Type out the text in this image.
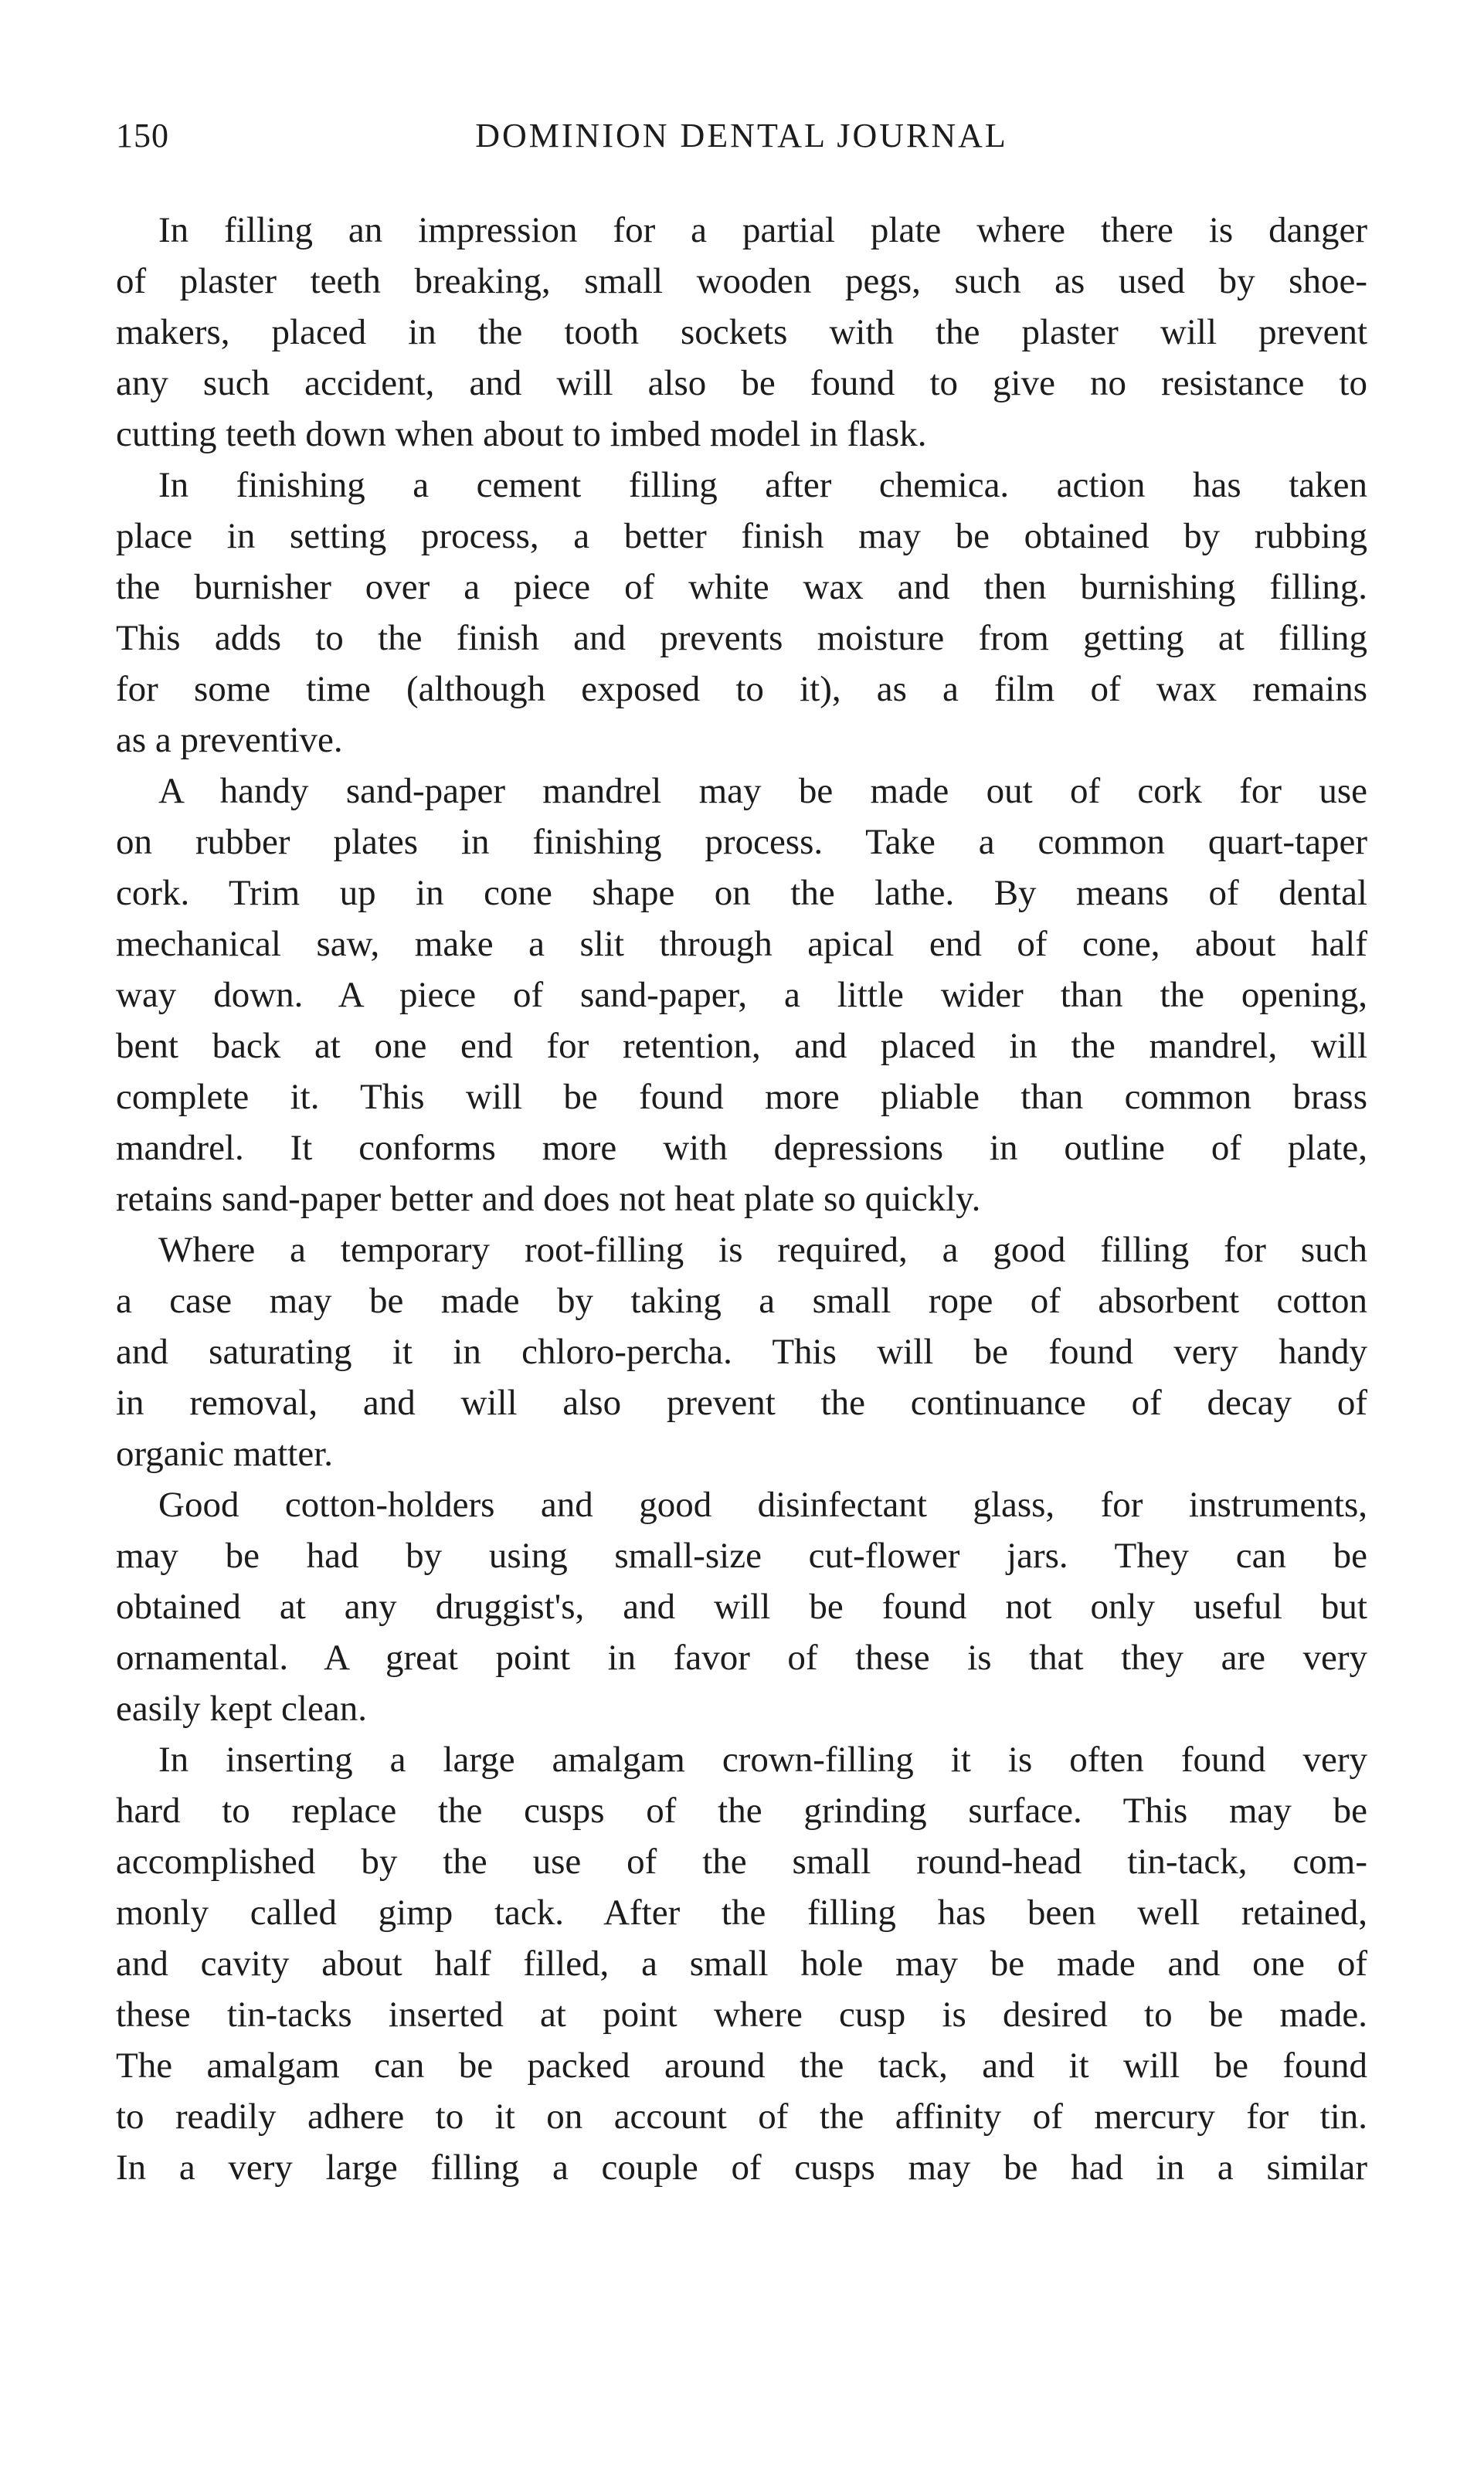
150	DOMINION DENTAL JOURNAL

In filling an impression for a partial plate where there is danger
of plaster teeth breaking, small wooden pegs, such as used by shoe-
makers, placed in the tooth sockets with the plaster will prevent
any such accident, and will also be found to give no resistance to
cutting teeth down when about to imbed model in flask.

In finishing a cement filling after chemica. action has taken
place in setting process, a better finish may be obtained by rubbing
the burnisher over a piece of white wax and then burnishing filling.
This adds to the finish and prevents moisture from getting at filling
for some time (although exposed to it), as a film of wax remains
as a preventive.

A handy sand-paper mandrel may be made out of cork for use
on rubber plates in finishing process. Take a common quart-taper
cork. Trim up in cone shape on the lathe. By means of dental
mechanical saw, make a slit through apical end of cone, about half
way down. A piece of sand-paper, a little wider than the opening,
bent back at one end for retention, and placed in the mandrel, will
complete it. This will be found more pliable than common brass
mandrel. It conforms more with depressions in outline of plate,
retains sand-paper better and does not heat plate so quickly.

Where a temporary root-filling is required, a good filling for such
a case may be made by taking a small rope of absorbent cotton
and saturating it in chloro-percha. This will be found very handy
in removal, and will also prevent the continuance of decay of
organic matter.

Good cotton-holders and good disinfectant glass, for instruments,
may be had by using small-size cut-flower jars. They can be
obtained at any druggist's, and will be found not only useful but
ornamental. A great point in favor of these is that they are very
easily kept clean.

In inserting a large amalgam crown-filling it is often found very
hard to replace the cusps of the grinding surface. This may be
accomplished by the use of the small round-head tin-tack, com-
monly called gimp tack. After the filling has been well retained,
and cavity about half filled, a small hole may be made and one of
these tin-tacks inserted at point where cusp is desired to be made.
The amalgam can be packed around the tack, and it will be found
to readily adhere to it on account of the affinity of mercury for tin.
In a very large filling a couple of cusps may be had in a similar
